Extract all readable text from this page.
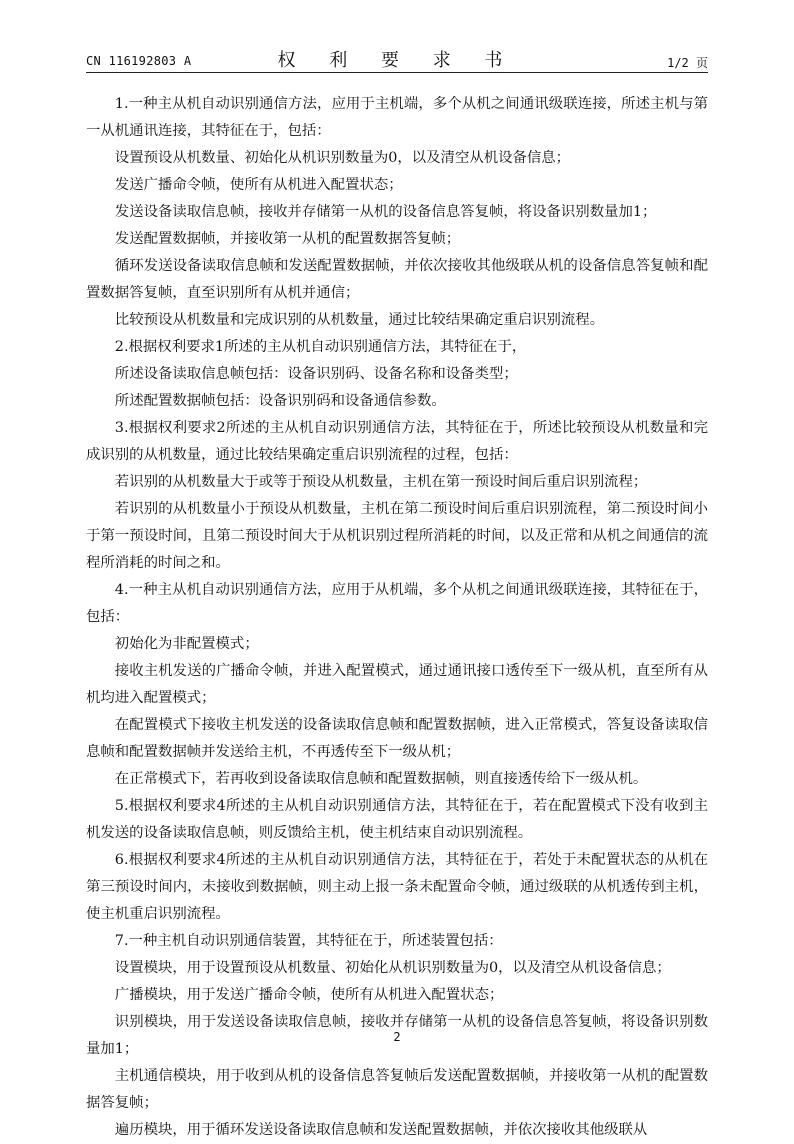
CN 116192803 A	权 利 要 求 书	1/2 页

1.一种主从机自动识别通信方法，应用于主机端，多个从机之间通讯级联连接，所述主机与第一从机通讯连接，其特征在于，包括：

设置预设从机数量、初始化从机识别数量为0，以及清空从机设备信息；

发送广播命令帧，使所有从机进入配置状态；

发送设备读取信息帧，接收并存储第一从机的设备信息答复帧，将设备识别数量加1；

发送配置数据帧，并接收第一从机的配置数据答复帧；

循环发送设备读取信息帧和发送配置数据帧，并依次接收其他级联从机的设备信息答复帧和配置数据答复帧，直至识别所有从机并通信；

比较预设从机数量和完成识别的从机数量，通过比较结果确定重启识别流程。

2.根据权利要求1所述的主从机自动识别通信方法，其特征在于，

所述设备读取信息帧包括：设备识别码、设备名称和设备类型；

所述配置数据帧包括：设备识别码和设备通信参数。

3.根据权利要求2所述的主从机自动识别通信方法，其特征在于，所述比较预设从机数量和完成识别的从机数量，通过比较结果确定重启识别流程的过程，包括：

若识别的从机数量大于或等于预设从机数量，主机在第一预设时间后重启识别流程；

若识别的从机数量小于预设从机数量，主机在第二预设时间后重启识别流程，第二预设时间小于第一预设时间，且第二预设时间大于从机识别过程所消耗的时间，以及正常和从机之间通信的流程所消耗的时间之和。

4.一种主从机自动识别通信方法，应用于从机端，多个从机之间通讯级联连接，其特征在于，包括：

初始化为非配置模式；

接收主机发送的广播命令帧，并进入配置模式，通过通讯接口透传至下一级从机，直至所有从机均进入配置模式；

在配置模式下接收主机发送的设备读取信息帧和配置数据帧，进入正常模式，答复设备读取信息帧和配置数据帧并发送给主机，不再透传至下一级从机；

在正常模式下，若再收到设备读取信息帧和配置数据帧，则直接透传给下一级从机。

5.根据权利要求4所述的主从机自动识别通信方法，其特征在于，若在配置模式下没有收到主机发送的设备读取信息帧，则反馈给主机，使主机结束自动识别流程。

6.根据权利要求4所述的主从机自动识别通信方法，其特征在于，若处于未配置状态的从机在第三预设时间内，未接收到数据帧，则主动上报一条未配置命令帧，通过级联的从机透传到主机，使主机重启识别流程。

7.一种主机自动识别通信装置，其特征在于，所述装置包括：

设置模块，用于设置预设从机数量、初始化从机识别数量为0，以及清空从机设备信息；

广播模块，用于发送广播命令帧，使所有从机进入配置状态；

识别模块，用于发送设备读取信息帧，接收并存储第一从机的设备信息答复帧，将设备识别数量加1；

主机通信模块，用于收到从机的设备信息答复帧后发送配置数据帧，并接收第一从机的配置数据答复帧；

遍历模块，用于循环发送设备读取信息帧和发送配置数据帧，并依次接收其他级联从

2
